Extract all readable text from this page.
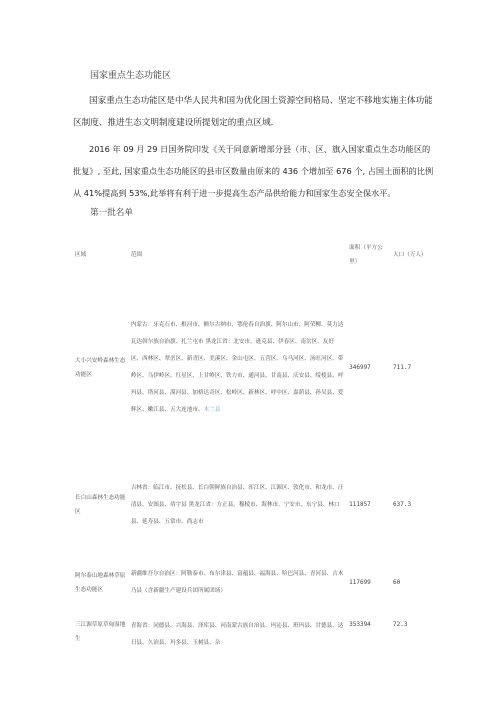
国家重点生态功能区

国家重点生态功能区是中华人民共和国为优化国土资源空间格局、坚定不移地实施主体功能区制度、推进生态文明制度建设所提划定的重点区域.

2016 年 09 月 29 日国务院印发《关于同意新增部分县（市、区、旗入国家重点生态功能区的批复》, 至此, 国家重点生态功能区的县市区数量由原来的 436 个增加至 676 个, 占国土面积的比例从 41%提高到 53%,此举将有利于进一步提高生态产品供给能力和国家生态安全保水平。

第一批名单
区域	范围	面积（平方公里）	人口（万人）
大小兴安岭森林生态功能区	内蒙古：牙克石市、根河市、额尔古纳市、鄂伦春自治旗、阿尔山市、阿荣柳、莫力达瓦达斡尔族自治旗、扎兰屯市 黑龙江省：北安市、逊克县、伊春区、南岔区、友好区、西林区、翠峦区、新青区、美溪区、金山屯区、五营区、乌马河区、汤旺河区、带岭区、乌伊岭区、红星区、上甘岭区、铁力市、通河县、甘南县、庆安县、绥棱县、呼玛县、塔河县、漠河县、加格达奇区、松岭区、新林区、呼中区、嘉荫县、孙吴县、爱辉区、嫩江县、五大连池市、木兰县	346997	711.7
长白山森林生态功能区	吉林省：临江市、抚松县、长白朝鲜族自治县、浑江区、江源区、敦化市、和龙市、汪清县、安图县、靖宇县 黑龙江省：方正县、穆棱市、海林市、宁安市、东宁县、林口县、延寿县、五常市、尚志市	111857	637.3
阿尔泰山地森林草原生态功能区	新疆维吾尔自治区：阿勒泰市、布尔津县、富蕴县、福海县、哈巴河县、青河县、吉木乃县（含新疆生产建设兵团所属团场）	117699	60
三江源草原草甸湿地生	青海省：同德县、兴海县、泽库县、河南蒙古族自治县、玛沁县、班玛县、甘德县、达日县、久治县、玛多县、玉树县、杂	353394	72.3
